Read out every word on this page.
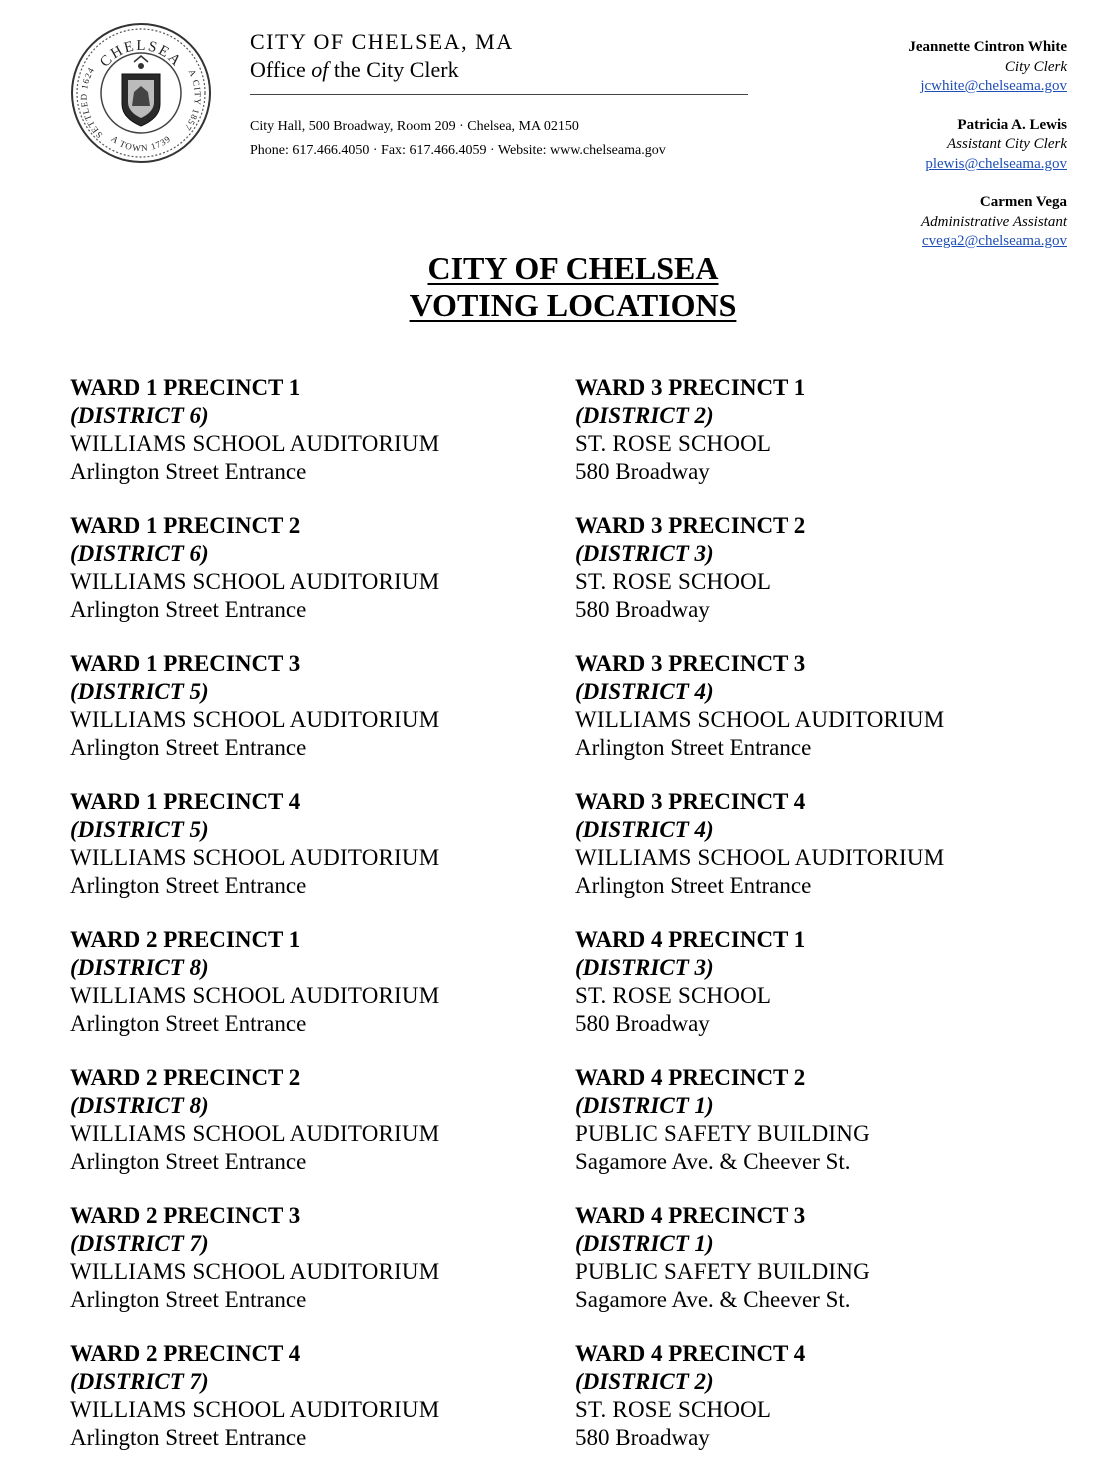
CHELSEA
SETTLED 1624	A CITY 1857
A TOWN 1739
CITY OF CHELSEA, MA
Office of the City Clerk
City Hall, 500 Broadway, Room 209 · Chelsea, MA 02150
Phone: 617.466.4050 · Fax: 617.466.4059 · Website: www.chelseama.gov
Jeannette Cintron White
City Clerk
jcwhite@chelseama.gov
Patricia A. Lewis
Assistant City Clerk
plewis@chelseama.gov
Carmen Vega
Administrative Assistant
cvega2@chelseama.gov
CITY OF CHELSEA
VOTING LOCATIONS
WARD 1 PRECINCT 1
(DISTRICT 6)
WILLIAMS SCHOOL AUDITORIUM
Arlington Street Entrance
WARD 1 PRECINCT 2
(DISTRICT 6)
WILLIAMS SCHOOL AUDITORIUM
Arlington Street Entrance
WARD 1 PRECINCT 3
(DISTRICT 5)
WILLIAMS SCHOOL AUDITORIUM
Arlington Street Entrance
WARD 1 PRECINCT 4
(DISTRICT 5)
WILLIAMS SCHOOL AUDITORIUM
Arlington Street Entrance
WARD 2 PRECINCT 1
(DISTRICT 8)
WILLIAMS SCHOOL AUDITORIUM
Arlington Street Entrance
WARD 2 PRECINCT 2
(DISTRICT 8)
WILLIAMS SCHOOL AUDITORIUM
Arlington Street Entrance
WARD 2 PRECINCT 3
(DISTRICT 7)
WILLIAMS SCHOOL AUDITORIUM
Arlington Street Entrance
WARD 2 PRECINCT 4
(DISTRICT 7)
WILLIAMS SCHOOL AUDITORIUM
Arlington Street Entrance
WARD 3 PRECINCT 1
(DISTRICT 2)
ST. ROSE SCHOOL
580 Broadway
WARD 3 PRECINCT 2
(DISTRICT 3)
ST. ROSE SCHOOL
580 Broadway
WARD 3 PRECINCT 3
(DISTRICT 4)
WILLIAMS SCHOOL AUDITORIUM
Arlington Street Entrance
WARD 3 PRECINCT 4
(DISTRICT 4)
WILLIAMS SCHOOL AUDITORIUM
Arlington Street Entrance
WARD 4 PRECINCT 1
(DISTRICT 3)
ST. ROSE SCHOOL
580 Broadway
WARD 4 PRECINCT 2
(DISTRICT 1)
PUBLIC SAFETY BUILDING
Sagamore Ave. & Cheever St.
WARD 4 PRECINCT 3
(DISTRICT 1)
PUBLIC SAFETY BUILDING
Sagamore Ave. & Cheever St.
WARD 4 PRECINCT 4
(DISTRICT 2)
ST. ROSE SCHOOL
580 Broadway
